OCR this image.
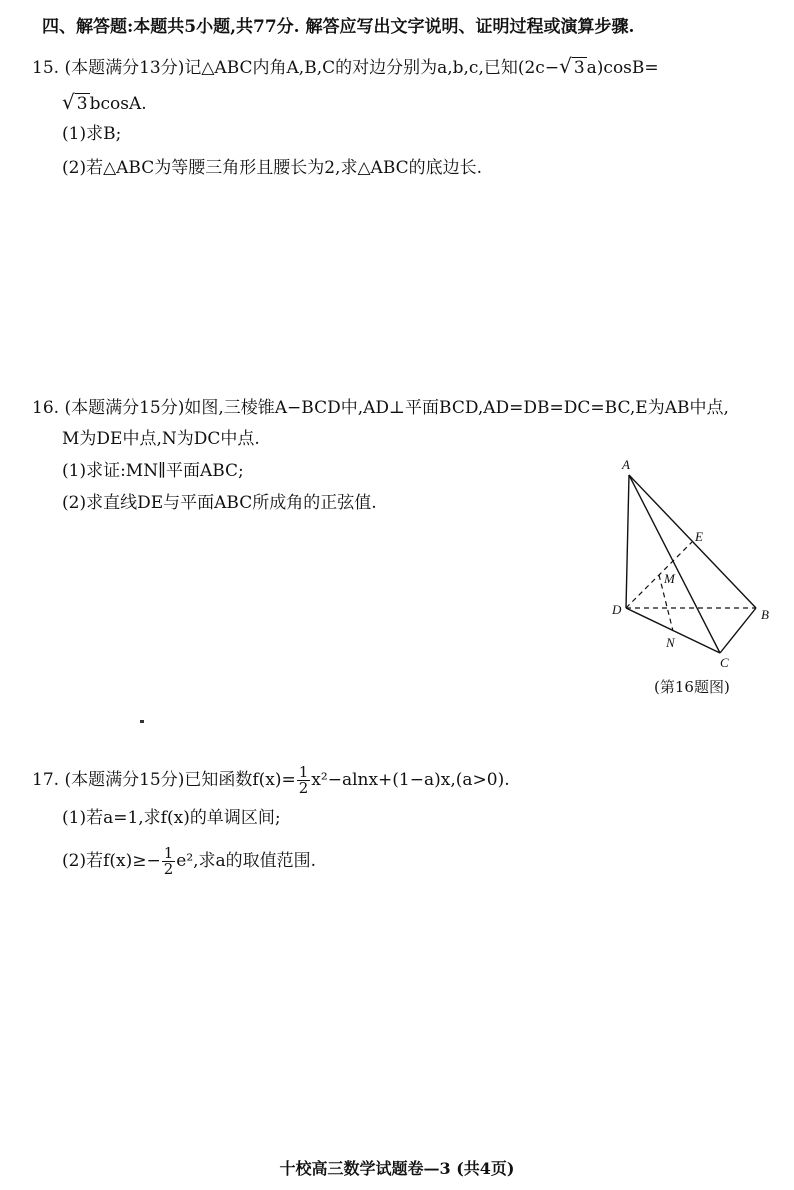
四、解答题:本题共5小题,共77分. 解答应写出文字说明、证明过程或演算步骤.
15. (本题满分13分)记△ABC内角A,B,C的对边分别为a,b,c,已知(2c−√ 3 a)cosB=
√ 3 bcosA.
(1)求B;
(2)若△ABC为等腰三角形且腰长为2,求△ABC的底边长.
16. (本题满分15分)如图,三棱锥A−BCD中,AD⊥平面BCD,AD=DB=DC=BC,E为AB中点,
M为DE中点,N为DC中点.
(1)求证:MN∥平面ABC;
(2)求直线DE与平面ABC所成角的正弦值.
A
B
C
D
E
M
N
(第16题图)
17. (本题满分15分)已知函数$f(x)= \frac{1}{2} x^2-alnx+(1-a)x,(a>0)$.
(1)若a=1,求f(x)的单调区间;
(2)若$f(x)\ge- \frac{1}{2} e^2$,求a的取值范围.
十校高三数学试题卷—3 (共4页)
